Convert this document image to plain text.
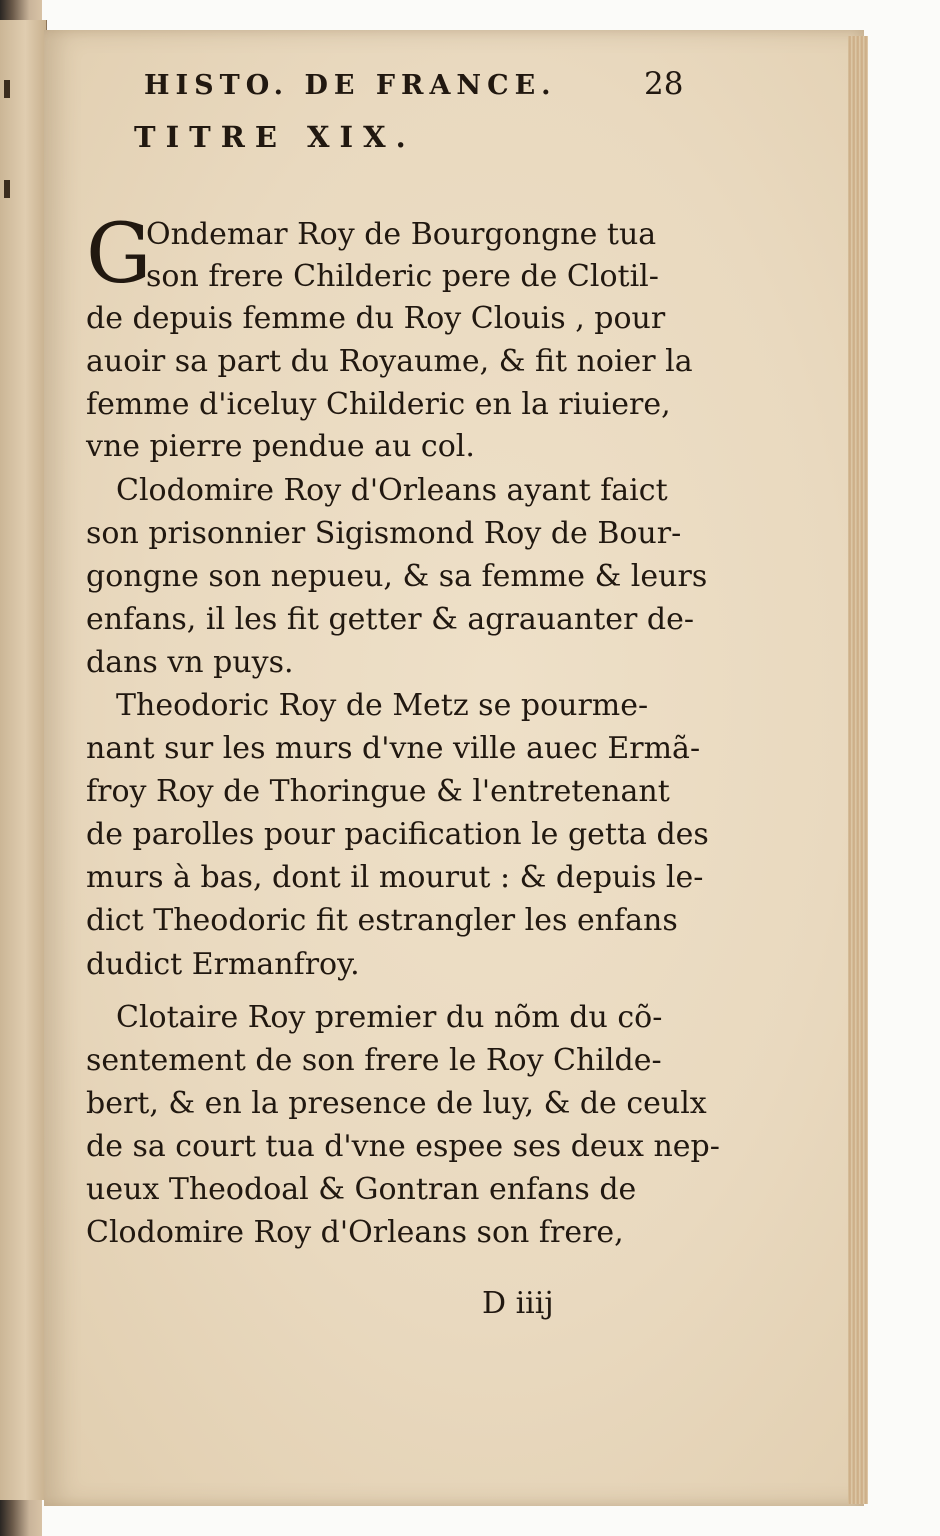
HISTO. DE FRANCE.	28
TITRE XIX.
G
Ondemar Roy de Bourgongne tua
son frere Childeric pere de Clotil-
de depuis femme du Roy Clouis , pour
auoir sa part du Royaume, & fit noier la
femme d'iceluy Childeric en la riuiere,
vne pierre pendue au col.
Clodomire Roy d'Orleans ayant faict
son prisonnier Sigismond Roy de Bour-
gongne son nepueu, & sa femme & leurs
enfans, il les fit getter & agrauanter de-
dans vn puys.
Theodoric Roy de Metz se pourme-
nant sur les murs d'vne ville auec Ermã-
froy Roy de Thoringue & l'entretenant
de parolles pour pacification le getta des
murs à bas, dont il mourut : & depuis le-
dict Theodoric fit estrangler les enfans
dudict Ermanfroy.
Clotaire Roy premier du nõm du cõ-
sentement de son frere le Roy Childe-
bert, & en la presence de luy, & de ceulx
de sa court tua d'vne espee ses deux nep-
ueux Theodoal & Gontran enfans de
Clodomire Roy d'Orleans son frere,
D iiij
